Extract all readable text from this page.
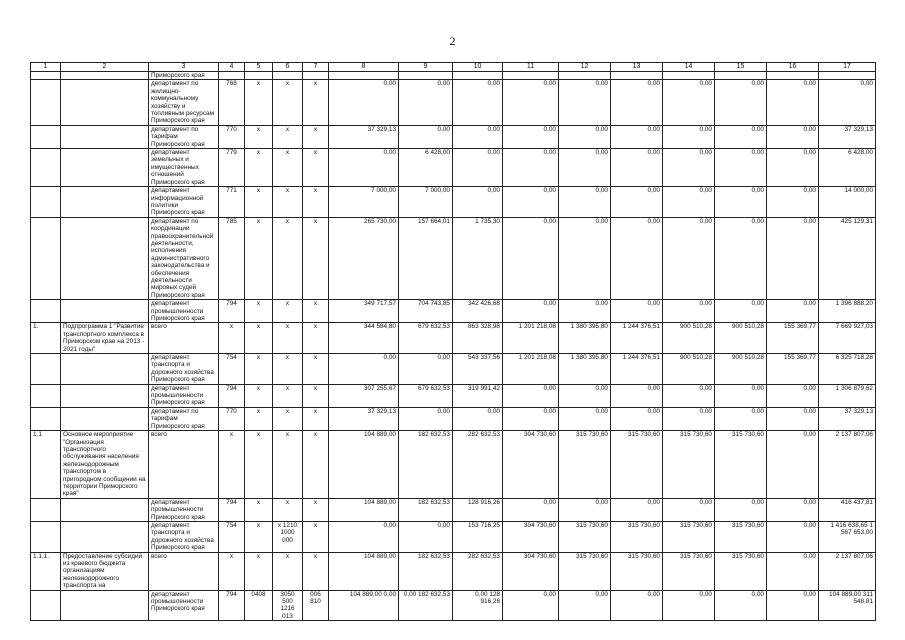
2
1	2	3	4	5	6	7	8	9	10	11	12	13	14	15	16	17
		Приморского края														
		департамент по жилищно-коммунальному хозяйству и топливным ресурсам Приморского края	768	x	x	x	0,00	0,00	0,00	0,00	0,00	0,00	0,00	0,00	0,00	0,00
		департамент по тарифам Приморского края	770	x	x	x	37 329,13	0,00	0,00	0,00	0,00	0,00	0,00	0,00	0,00	37 329,13
		департамент земельных и имущественных отношений Приморского края	779	x	x	x	0,00	6 428,00	0,00	0,00	0,00	0,00	0,00	0,00	0,00	6 428,00
		департамент информационной политики Приморского края	771	x	x	x	7 000,00	7 000,00	0,00	0,00	0,00	0,00	0,00	0,00	0,00	14 000,00
		департамент по координации правоохранительной деятельности, исполнения административного законодательства и обеспечения деятельности мировых судей Приморского края	785	x	x	x	265 730,00	157 664,01	1 735,30	0,00	0,00	0,00	0,00	0,00	0,00	425 129,31
		департамент промышленности Приморского края	794	x	x	x	349 717,57	704 743,85	342 426,68	0,00	0,00	0,00	0,00	0,00	0,00	1 396 888,20
1.	Подпрограмма 1 "Развитие транспортного комплекса в Приморском крае на 2013 - 2021 годы"	всего	x	x	x	x	344 584,80	679 632,53	863 328,98	1 201 218,08	1 380 395,80	1 244 376,51	900 510,28	900 510,28	155 369,77	7 669 927,03
		департамент транспорта и дорожного хозяйства Приморского края	754	x	x	x	0,00	0,00	543 337,56	1 201 218,08	1 380 395,80	1 244 376,51	900 510,28	900 510,28	155 369,77	6 325 718,28
		департамент промышленности Приморского края	794	x	x	x	307 255,67	679 632,53	319 991,42	0,00	0,00	0,00	0,00	0,00	0,00	1 306 879,62
		департамент по тарифам Приморского края	770	x	x	x	37 329,13	0,00	0,00	0,00	0,00	0,00	0,00	0,00	0,00	37 329,13
1.1	Основное мероприятие "Организация транспортного обслуживания населения железнодорожным транспортом в пригородном сообщении на территории Приморского края"	всего	x	x	x	x	104 889,00	182 632,53	282 632,53	304 730,60	315 730,60	315 730,60	315 730,60	315 730,60	0,00	2 137 807,06
		департамент промышленности Приморского края	794	x	x	x	104 889,00	182 632,53	128 916,26	0,00	0,00	0,00	0,00	0,00	0,00	416 437,81
		департамент транспорта и дорожного хозяйства Приморского края	754	x	x 1210 1000 000	x	0,00	0,00	153 716,25	304 730,60	315 730,60	315 730,60	315 730,60	315 730,60	0,00	1 416 638,65 1 567 653,00
1.1.1.	Предоставление субсидий из краевого бюджета организациям железнодорожного транспорта на	всего	x	x	x	x	104 889,00	182 632,53	282 632,53	304 730,60	315 730,60	315 730,60	315 730,60	315 730,60	0,00	2 137 807,06
		департамент промышленности Приморского края	794	0408	3050 500 1216 013	006 810	104 889,00 0,00	0,00 182 632,53	0,00 128 916,26	0,00	0,00	0,00	0,00	0,00	0,00	104 889,00 311 548,81
